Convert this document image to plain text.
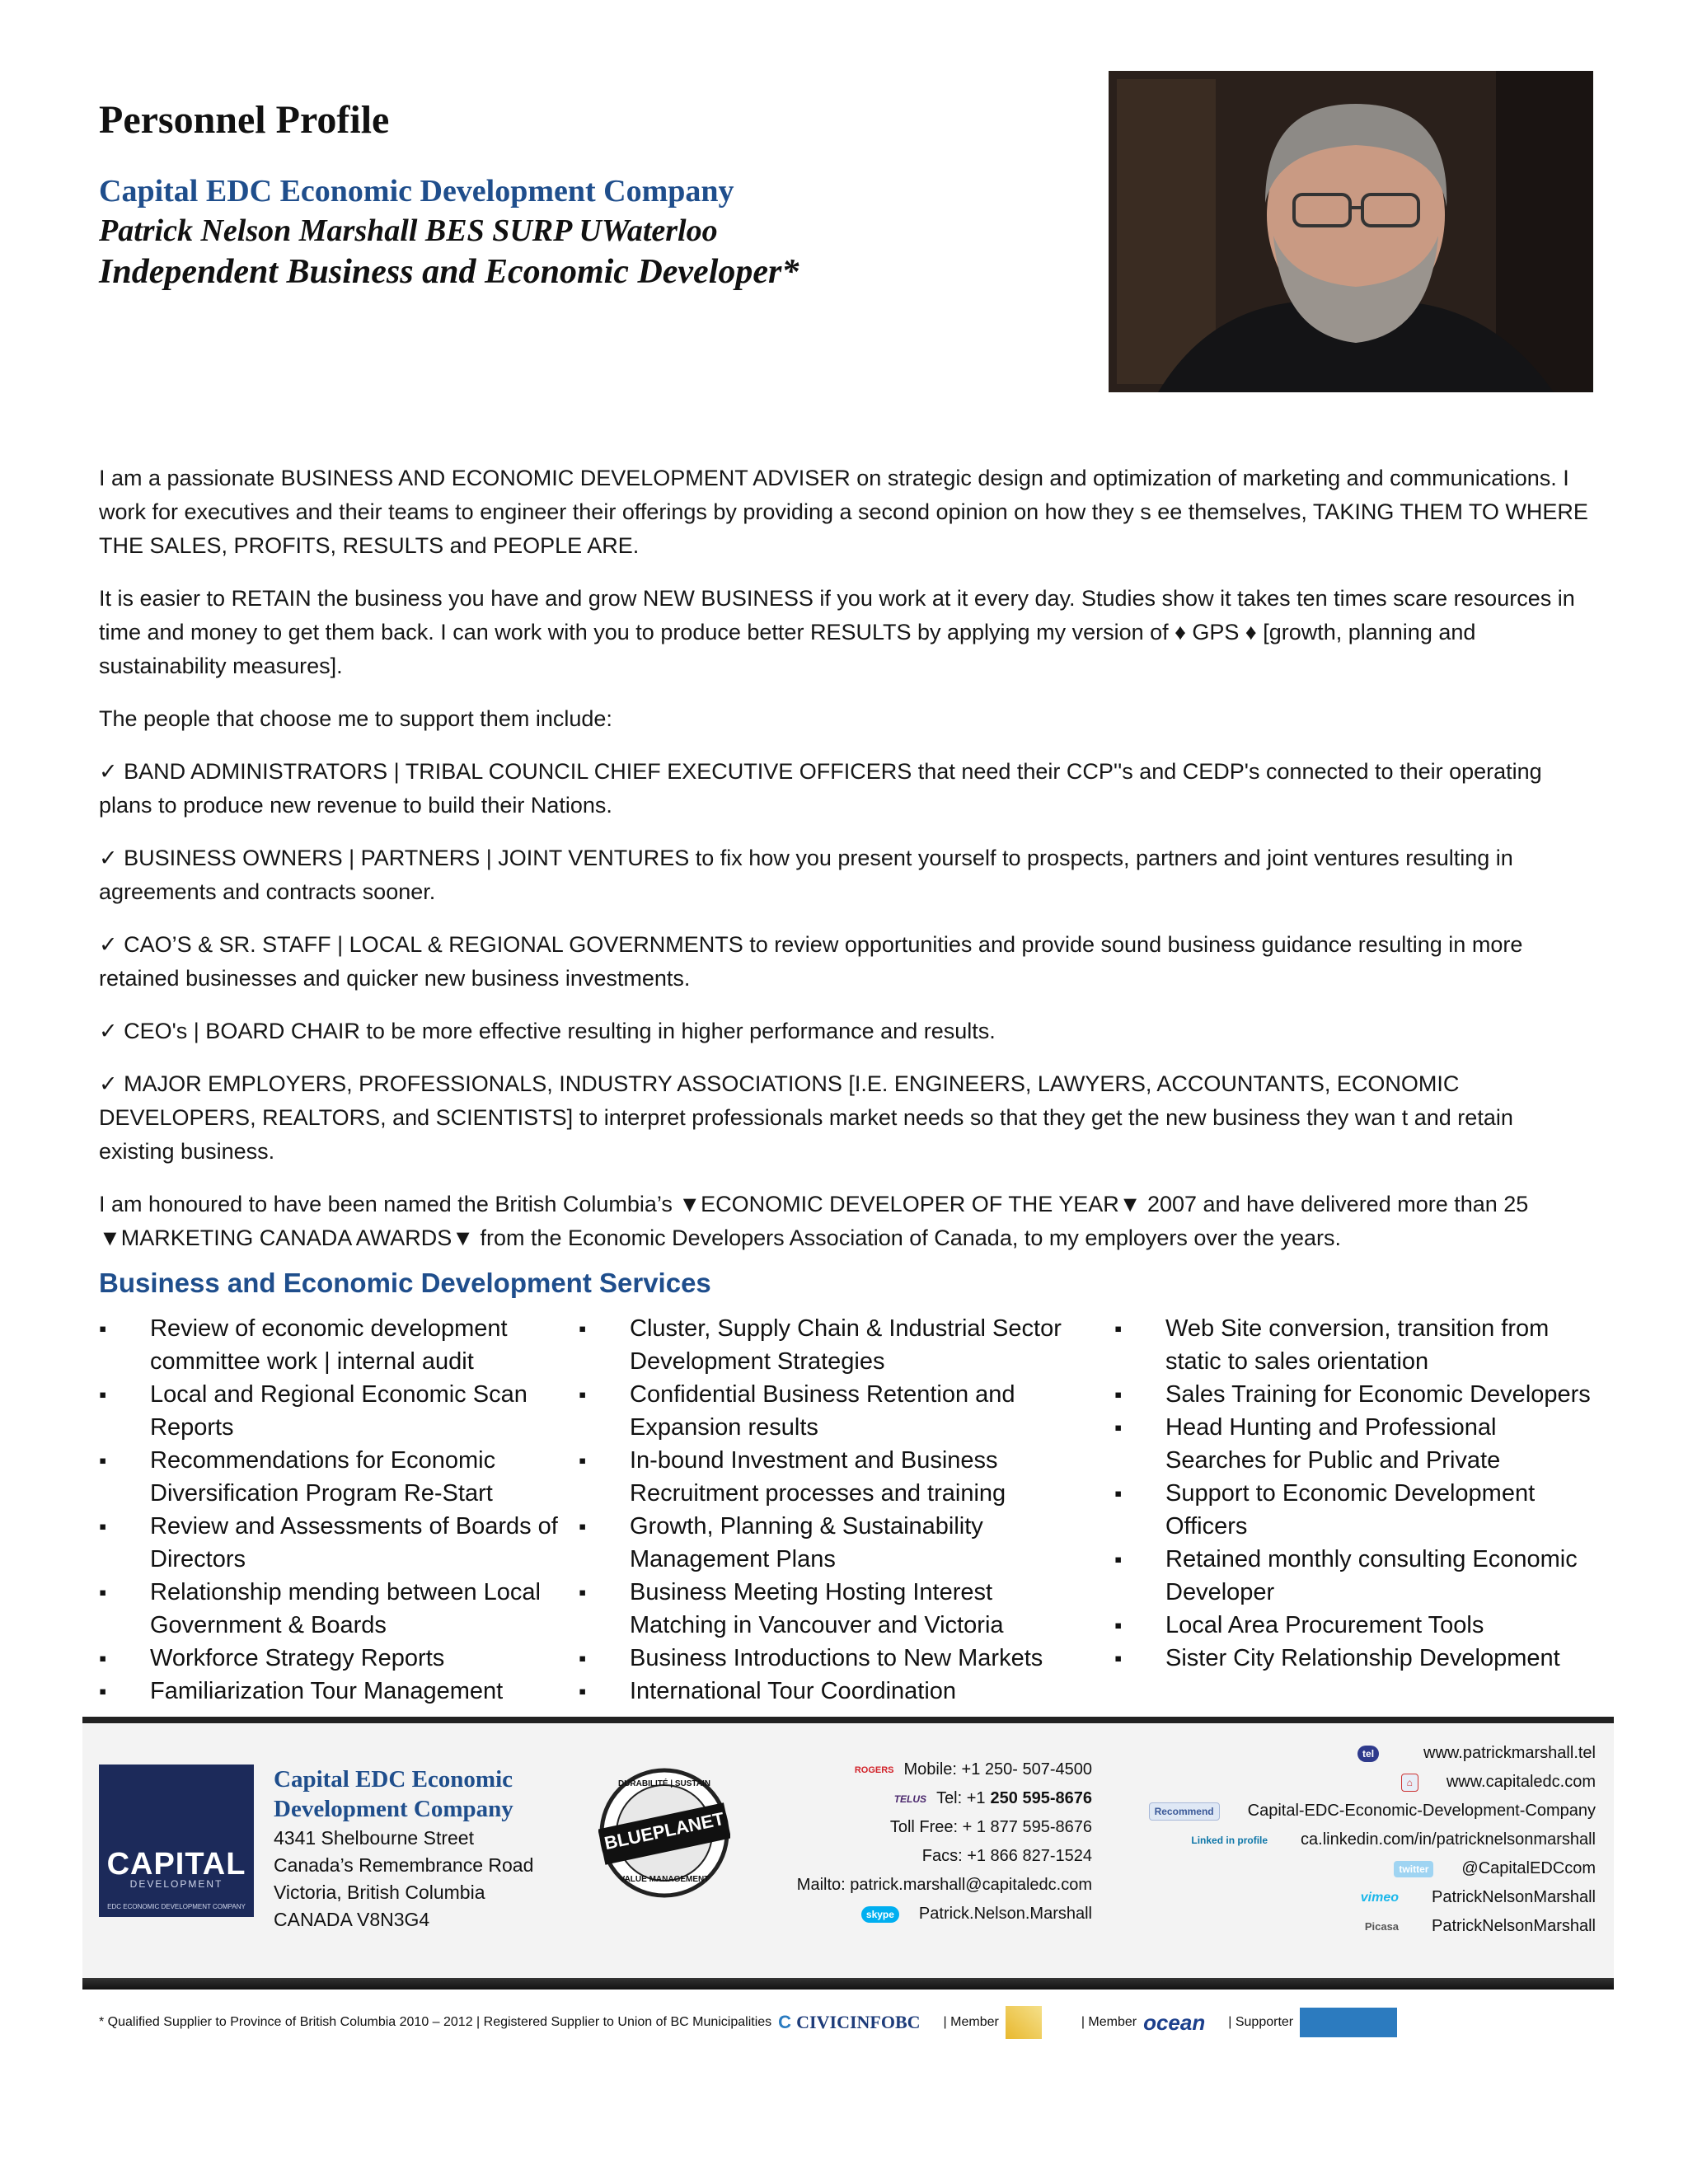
Personnel Profile
Capital EDC Economic Development Company
Patrick Nelson Marshall BES SURP UWaterloo
Independent Business and Economic Developer*

I am a passionate BUSINESS AND ECONOMIC DEVELOPMENT ADVISER on strategic design and optimization of marketing and communications. I work for executives and their teams to engineer their offerings by providing a second opinion on how they s ee themselves, TAKING THEM TO WHERE THE SALES, PROFITS, RESULTS and PEOPLE ARE.

It is easier to RETAIN the business you have and grow NEW BUSINESS if you work at it every day. Studies show it takes ten times scare resources in time and money to get them back. I can work with you to produce better RESULTS by applying my version of ♦ GPS ♦ [growth, planning and sustainability measures].

The people that choose me to support them include:

✓ BAND ADMINISTRATORS | TRIBAL COUNCIL CHIEF EXECUTIVE OFFICERS that need their CCP''s and CEDP's connected to their operating plans to produce new revenue to build their Nations.

✓ BUSINESS OWNERS | PARTNERS | JOINT VENTURES to fix how you present yourself to prospects, partners and joint ventures resulting in agreements and contracts sooner.

✓ CAO’S & SR. STAFF | LOCAL & REGIONAL GOVERNMENTS to review opportunities and provide sound business guidance resulting in more retained businesses and quicker new business investments.

✓ CEO's | BOARD CHAIR to be more effective resulting in higher performance and results.

✓ MAJOR EMPLOYERS, PROFESSIONALS, INDUSTRY ASSOCIATIONS [I.E. ENGINEERS, LAWYERS, ACCOUNTANTS, ECONOMIC DEVELOPERS, REALTORS, and SCIENTISTS] to interpret professionals market needs so that they get the new business they wan t and retain existing business.

I am honoured to have been named the British Columbia’s ▼ECONOMIC DEVELOPER OF THE YEAR▼ 2007 and have delivered more than 25 ▼MARKETING CANADA AWARDS▼ from the Economic Developers Association of Canada, to my employers over the years.

Business and Economic Development Services
▪ Review of economic development committee work | internal audit
▪ Local and Regional Economic Scan Reports
▪ Recommendations for Economic Diversification Program Re-Start
▪ Review and Assessments of Boards of Directors
▪ Relationship mending between Local Government & Boards
▪ Workforce Strategy Reports
▪ Familiarization Tour Management
▪ Cluster, Supply Chain & Industrial Sector Development Strategies
▪ Confidential Business Retention and Expansion results
▪ In-bound Investment and Business Recruitment processes and training
▪ Growth, Planning & Sustainability Management Plans
▪ Business Meeting Hosting Interest Matching in Vancouver and Victoria
▪ Business Introductions to New Markets
▪ International Tour Coordination
▪ Web Site conversion, transition from static to sales orientation
▪ Sales Training for Economic Developers
▪ Head Hunting and Professional Searches for Public and Private
▪ Support to Economic Development Officers
▪ Retained monthly consulting Economic Developer
▪ Local Area Procurement Tools
▪ Sister City Relationship Development
CAPITAL
DEVELOPMENT
EDC ECONOMIC DEVELOPMENT COMPANY
Capital EDC Economic Development Company
4341 Shelbourne Street
Canada’s Remembrance Road
Victoria, British Columbia
CANADA V8N3G4
BLUEPLANET
DURABILITÉ | SUSTAIN
VALUE MANAGEMENT
ROGERS Mobile: +1 250- 507-4500
TELUS Tel: +1 250 595-8676
Toll Free: + 1 877 595-8676
Facs: +1 866 827-1524
Mailto: patrick.marshall@capitaledc.com
skype	Patrick.Nelson.Marshall
tel	www.patrickmarshall.tel
⌂	www.capitaledc.com
Recommend	Capital-EDC-Economic-Development-Company
Linked in profile	ca.linkedin.com/in/patricknelsonmarshall
twitter	@CapitalEDCcom
vimeo	PatrickNelsonMarshall
Picasa	PatrickNelsonMarshall
* Qualified Supplier to Province of British Columbia 2010 – 2012 | Registered Supplier to Union of BC Municipalities C CIVICINFOBC | Member	| Member ocean | Supporter
